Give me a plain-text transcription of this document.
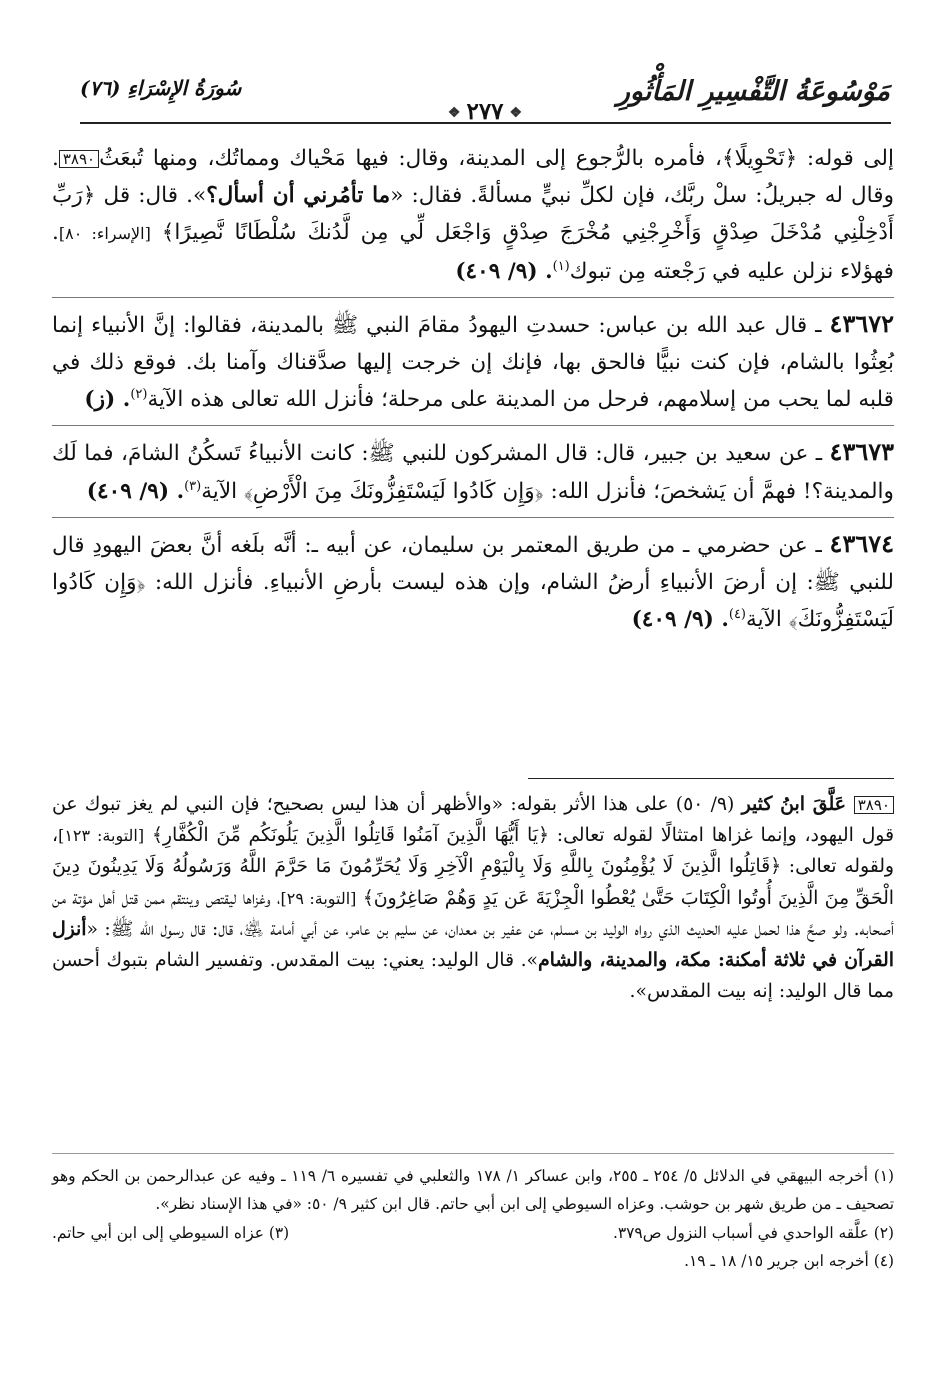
مَوْسُوعَةُ التَّفْسِيرِ المَأْثُورِ
❖٢٧٧❖
سُورَةُ الإِسْرَاءِ (٧٦)

إلى قوله: ﴿تَحْوِيلًا﴾، فأمره بالرُّجوع إلى المدينة، وقال: فيها مَحْياك ومماتُك، ومنها تُبعَثُ٣٨٩٠. وقال له جبريلُ: سلْ ربَّك، فإن لكلِّ نبيٍّ مسألةً. فقال: «ما تأمُرني أن أسأل؟». قال: قل ﴿رَبِّ أَدْخِلْنِي مُدْخَلَ صِدْقٍ وَأَخْرِجْنِي مُخْرَجَ صِدْقٍ وَاجْعَل لِّي مِن لَّدُنكَ سُلْطَانًا نَّصِيرًا﴾ [الإسراء: ٨٠]. فهؤلاء نزلن عليه في رَجْعته مِن تبوك$^{(١)}$. (٩/ ٤٠٩)

٤٣٦٧٢ ـ قال عبد الله بن عباس: حسدتِ اليهودُ مقامَ النبي ﷺ بالمدينة، فقالوا: إنَّ الأنبياء إنما بُعِثُوا بالشام، فإن كنت نبيًّا فالحق بها، فإنك إن خرجت إليها صدَّقناك وآمنا بك. فوقع ذلك في قلبه لما يحب من إسلامهم، فرحل من المدينة على مرحلة؛ فأنزل الله تعالى هذه الآية$^{(٢)}$. (ز)

٤٣٦٧٣ ـ عن سعيد بن جبير، قال: قال المشركون للنبي ﷺ: كانت الأنبياءُ تَسكُنُ الشامَ، فما لَك والمدينة؟! فهمَّ أن يَشخصَ؛ فأنزل الله: ﴿وَإِن كَادُوا لَيَسْتَفِزُّونَكَ مِنَ الْأَرْضِ﴾ الآية$^{(٣)}$. (٩/ ٤٠٩)

٤٣٦٧٤ ـ عن حضرمي ـ من طريق المعتمر بن سليمان، عن أبيه ـ: أنَّه بلَغه أنَّ بعضَ اليهودِ قال للنبي ﷺ: إن أرضَ الأنبياءِ أرضُ الشام، وإن هذه ليست بأرضِ الأنبياءِ. فأنزل الله: ﴿وَإِن كَادُوا لَيَسْتَفِزُّونَكَ﴾ الآية$^{(٤)}$. (٩/ ٤٠٩)

٣٨٩٠ عَلَّقَ ابنُ كثير (٩/ ٥٠) على هذا الأثر بقوله: «والأظهر أن هذا ليس بصحيح؛ فإن النبي لم يغز تبوك عن قول اليهود، وإنما غزاها امتثالًا لقوله تعالى: ﴿يَا أَيُّهَا الَّذِينَ آمَنُوا قَاتِلُوا الَّذِينَ يَلُونَكُم مِّنَ الْكُفَّارِ﴾ [التوبة: ١٢٣]، ولقوله تعالى: ﴿قَاتِلُوا الَّذِينَ لَا يُؤْمِنُونَ بِاللَّهِ وَلَا بِالْيَوْمِ الْآخِرِ وَلَا يُحَرِّمُونَ مَا حَرَّمَ اللَّهُ وَرَسُولُهُ وَلَا يَدِينُونَ دِينَ الْحَقِّ مِنَ الَّذِينَ أُوتُوا الْكِتَابَ حَتَّىٰ يُعْطُوا الْجِزْيَةَ عَن يَدٍ وَهُمْ صَاغِرُونَ﴾ [التوبة: ٢٩]، وغزاها ليقتص وينتقم ممن قتل أهل مؤتة من أصحابه. ولو صحَّ هذا لحمل عليه الحديث الذي رواه الوليد بن مسلم، عن عفير بن معدان، عن سليم بن عامر، عن أبي أمامة ﵁، قال: قال رسول الله ﷺ: «أنزل القرآن في ثلاثة أمكنة: مكة، والمدينة، والشام». قال الوليد: يعني: بيت المقدس. وتفسير الشام بتبوك أحسن مما قال الوليد: إنه بيت المقدس».

(١) أخرجه البيهقي في الدلائل ٥/ ٢٥٤ ـ ٢٥٥، وابن عساكر ١/ ١٧٨ والثعلبي في تفسيره ٦/ ١١٩ ـ وفيه عن عبدالرحمن بن الحكم وهو تصحيف ـ من طريق شهر بن حوشب. وعزاه السيوطي إلى ابن أبي حاتم. قال ابن كثير ٩/ ٥٠: «في هذا الإسناد نظر».

(٢) علَّقه الواحدي في أسباب النزول ص٣٧٩.
(٣) عزاه السيوطي إلى ابن أبي حاتم.

(٤) أخرجه ابن جرير ١٥/ ١٨ ـ ١٩.
